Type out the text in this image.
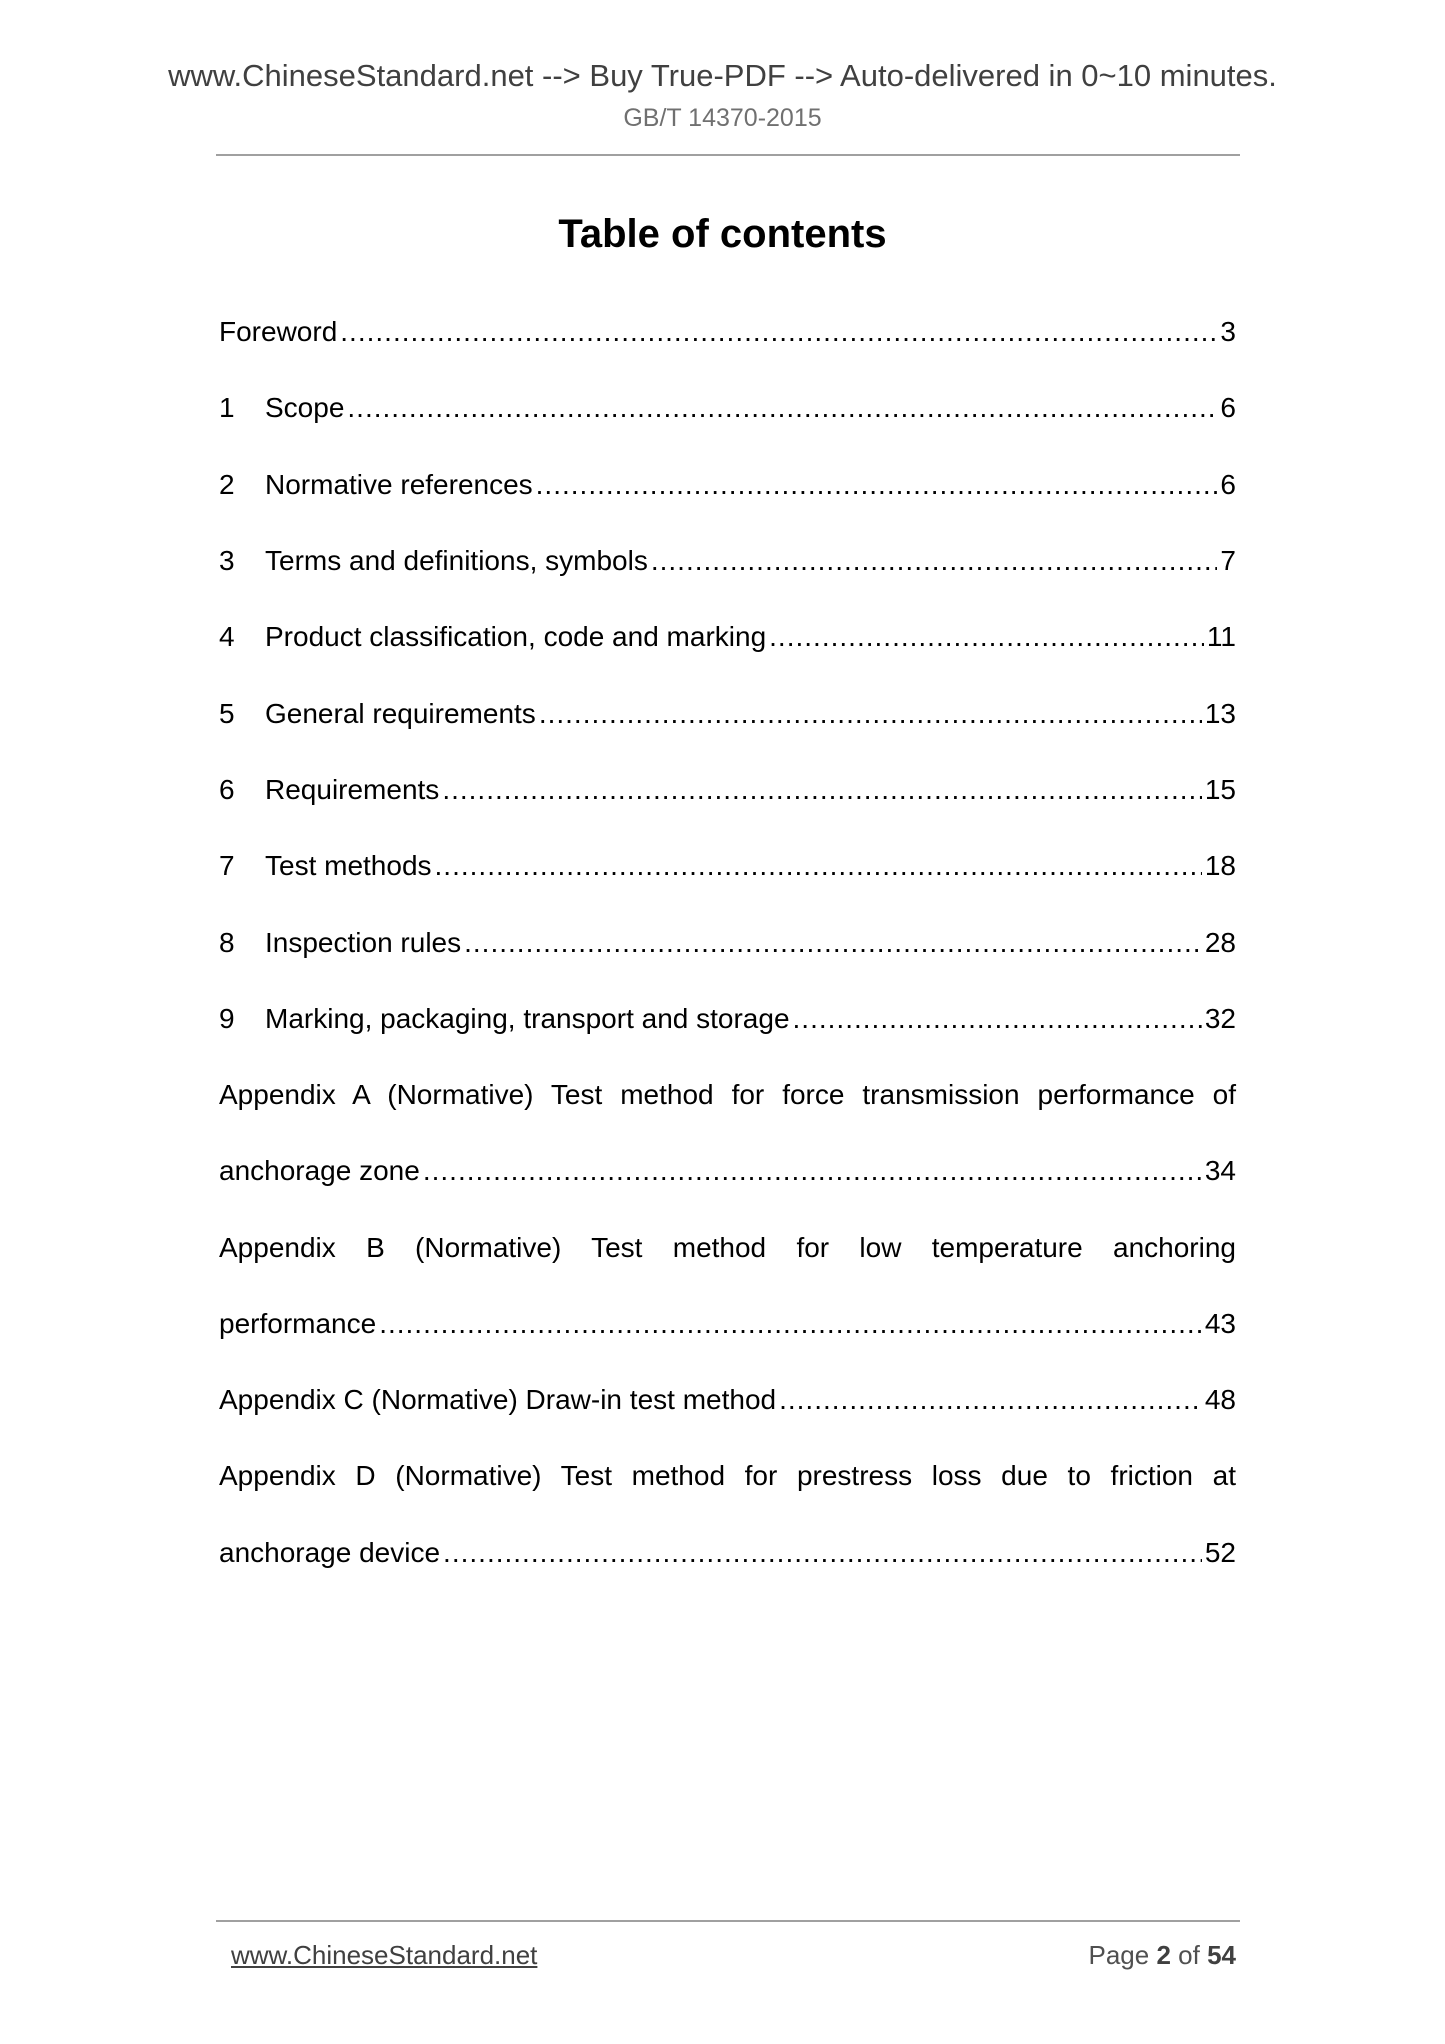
www.ChineseStandard.net --> Buy True-PDF --> Auto-delivered in 0~10 minutes.
GB/T 14370-2015
Table of contents
Foreword .....	3
1	Scope .....	6
2	Normative references .....	6
3	Terms and definitions, symbols .....	7
4	Product classification, code and marking .....	11
5	General requirements .....	13
6	Requirements .....	15
7	Test methods .....	18
8	Inspection rules .....	28
9	Marking, packaging, transport and storage .....	32
Appendix A (Normative) Test method for force transmission performance of
anchorage zone .....	34
Appendix B (Normative) Test method for low temperature anchoring
performance .....	43
Appendix C (Normative) Draw-in test method .....	48
Appendix D (Normative) Test method for prestress loss due to friction at
anchorage device .....	52
www.ChineseStandard.net	Page 2 of 54
